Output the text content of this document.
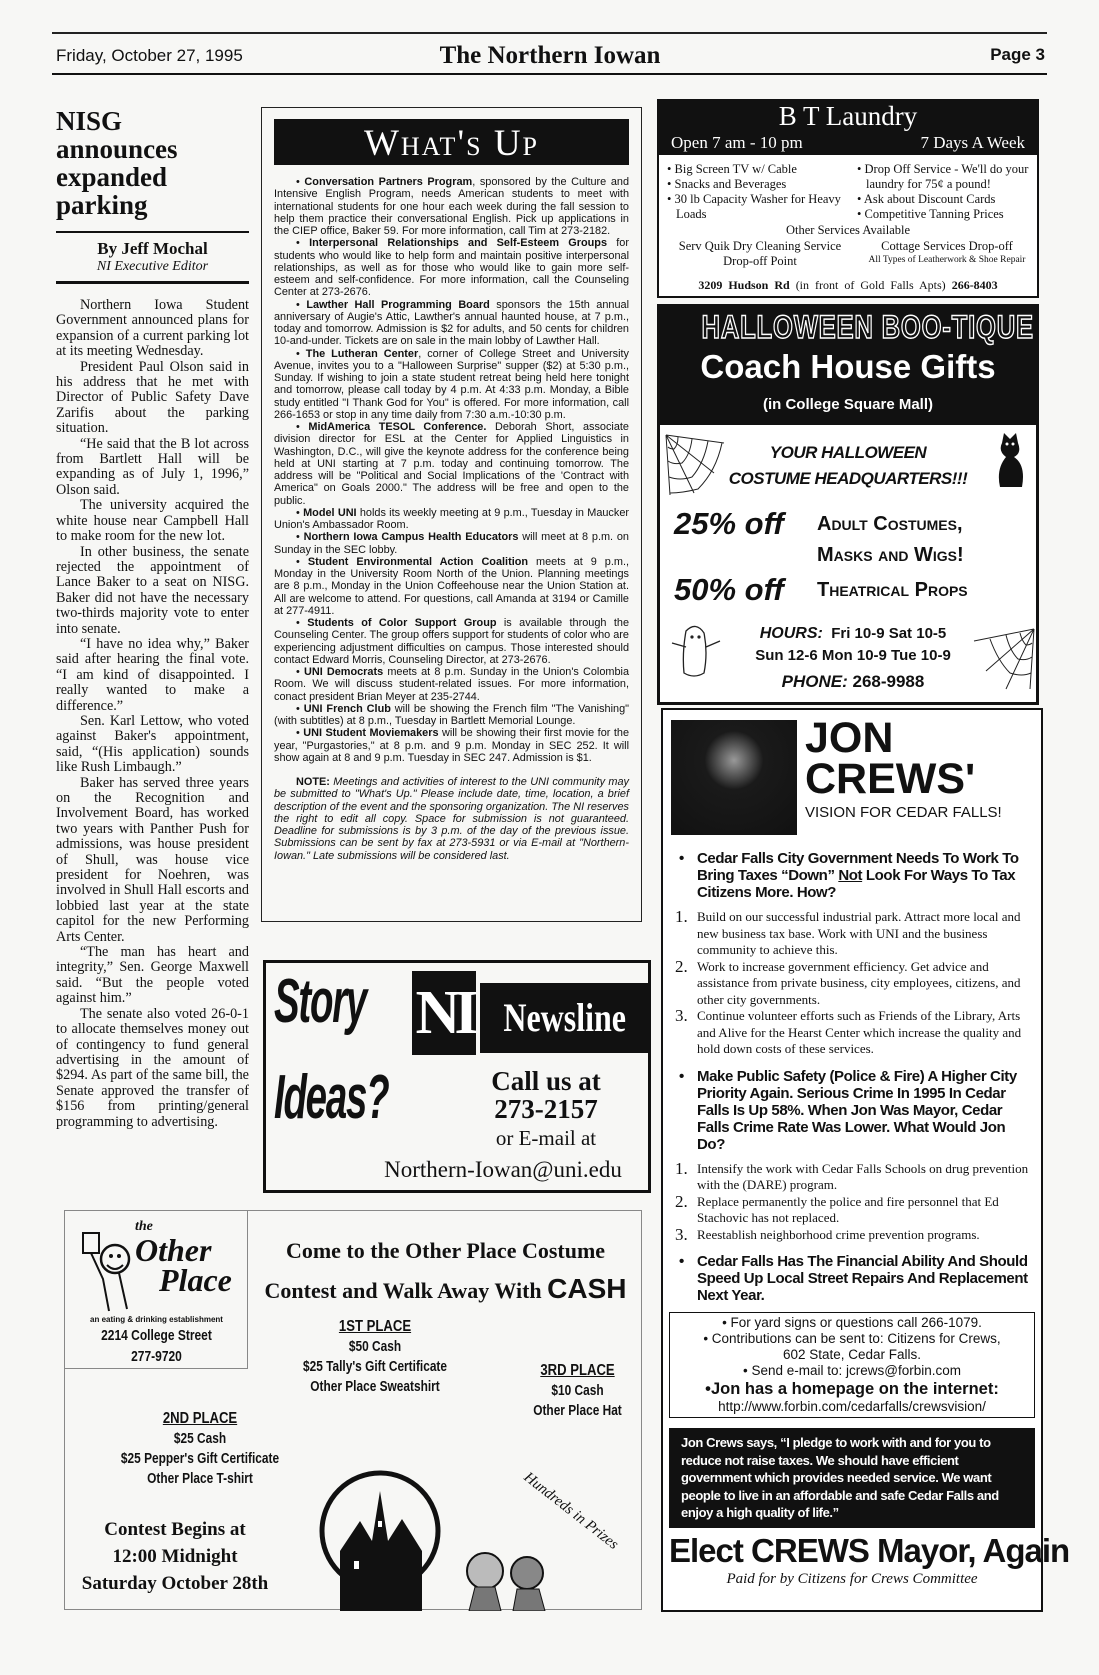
Friday, October 27, 1995	The Northern Iowan	Page 3
NISG announces expanded parking
By Jeff Mochal
NI Executive Editor

Northern Iowa Student Government announced plans for expansion of a current parking lot at its meeting Wednesday.

President Paul Olson said in his address that he met with Director of Public Safety Dave Zarifis about the parking situation.

“He said that the B lot across from Bartlett Hall will be expanding as of July 1, 1996,” Olson said.

The university acquired the white house near Campbell Hall to make room for the new lot.

In other business, the senate rejected the appointment of Lance Baker to a seat on NISG. Baker did not have the necessary two-thirds majority vote to enter into senate.

“I have no idea why,” Baker said after hearing the final vote. “I am kind of disappointed. I really wanted to make a difference.”

Sen. Karl Lettow, who voted against Baker's appointment, said, “(His application) sounds like Rush Limbaugh.”

Baker has served three years on the Recognition and Involvement Board, has worked two years with Panther Push for admissions, was house president of Shull, was house vice president for Noehren, was involved in Shull Hall escorts and lobbied last year at the state capitol for the new Performing Arts Center.

“The man has heart and integrity,” Sen. George Maxwell said. “But the people voted against him.”

The senate also voted 26-0-1 to allocate themselves money out of contingency to fund general advertising in the amount of $294. As part of the same bill, the Senate approved the transfer of $156 from printing/general programming to advertising.

What's Up

• Conversation Partners Program, sponsored by the Culture and Intensive English Program, needs American students to meet with international students for one hour each week during the fall session to help them practice their conversational English. Pick up applications in the CIEP office, Baker 59. For more information, call Tim at 273-2182.

• Interpersonal Relationships and Self-Esteem Groups for students who would like to help form and maintain positive interpersonal relationships, as well as for those who would like to gain more self-esteem and self-confidence. For more information, call the Counseling Center at 273-2676.

• Lawther Hall Programming Board sponsors the 15th annual anniversary of Augie's Attic, Lawther's annual haunted house, at 7 p.m., today and tomorrow. Admission is $2 for adults, and 50 cents for children 10-and-under. Tickets are on sale in the main lobby of Lawther Hall.

• The Lutheran Center, corner of College Street and University Avenue, invites you to a "Halloween Surprise" supper ($2) at 5:30 p.m., Sunday. If wishing to join a state student retreat being held here tonight and tomorrow, please call today by 4 p.m. At 4:33 p.m. Monday, a Bible study entitled "I Thank God for You" is offered. For more information, call 266-1653 or stop in any time daily from 7:30 a.m.-10:30 p.m.

• MidAmerica TESOL Conference. Deborah Short, associate division director for ESL at the Center for Applied Linguistics in Washington, D.C., will give the keynote address for the conference being held at UNI starting at 7 p.m. today and continuing tomorrow. The address will be "Political and Social Implications of the 'Contract with America" on Goals 2000." The address will be free and open to the public.

• Model UNI holds its weekly meeting at 9 p.m., Tuesday in Maucker Union's Ambassador Room.

• Northern Iowa Campus Health Educators will meet at 8 p.m. on Sunday in the SEC lobby.

• Student Environmental Action Coalition meets at 9 p.m., Monday in the University Room North of the Union. Planning meetings are 8 p.m., Monday in the Union Coffeehouse near the Union Station at. All are welcome to attend. For questions, call Amanda at 3194 or Camille at 277-4911.

• Students of Color Support Group is available through the Counseling Center. The group offers support for students of color who are experiencing adjustment difficulties on campus. Those interested should contact Edward Morris, Counseling Director, at 273-2676.

• UNI Democrats meets at 8 p.m. Sunday in the Union's Colombia Room. We will discuss student-related issues. For more information, conact president Brian Meyer at 235-2744.

• UNI French Club will be showing the French film "The Vanishing" (with subtitles) at 8 p.m., Tuesday in Bartlett Memorial Lounge.

• UNI Student Moviemakers will be showing their first movie for the year, "Purgastories," at 8 p.m. and 9 p.m. Monday in SEC 252. It will show again at 8 and 9 p.m. Tuesday in SEC 247. Admission is $1.

NOTE: Meetings and activities of interest to the UNI community may be submitted to "What's Up." Please include date, time, location, a brief description of the event and the sponsoring organization. The NI reserves the right to edit all copy. Space for submission is not guaranteed. Deadline for submissions is by 3 p.m. of the day of the previous issue. Submissions can be sent by fax at 273-5931 or via E-mail at "Northern-Iowan." Late submissions will be considered last.

Story
Ideas?
NI Newsline
Call us at
273-2157
or E-mail at
Northern-Iowan@uni.edu
the
Other
Place
an eating & drinking establishment
2214 College Street
277-9720
Come to the Other Place Costume
Contest and Walk Away With CASH
1ST PLACE
$50 Cash
$25 Tally's Gift Certificate
Other Place Sweatshirt
2ND PLACE
$25 Cash
$25 Pepper's Gift Certificate
Other Place T-shirt
3RD PLACE
$10 Cash
Other Place Hat
Contest Begins at
12:00 Midnight
Saturday October 28th
Hundreds in Prizes
B T Laundry
Open 7 am - 10 pm	7 Days A Week
• Big Screen TV w/ Cable
• Snacks and Beverages
• 30 lb Capacity Washer for Heavy Loads
• Drop Off Service - We'll do your laundry for 75¢ a pound!
• Ask about Discount Cards
• Competitive Tanning Prices
Other Services Available
Serv Quik Dry Cleaning Service
Drop-off Point
Cottage Services Drop-off
All Types of Leatherwork & Shoe Repair
3209 Hudson Rd (in front of Gold Falls Apts) 266-8403
HALLOWEEN BOO-TIQUE
Coach House Gifts
(in College Square Mall)
YOUR HALLOWEEN
COSTUME HEADQUARTERS!!!
25% off Adult Costumes,
Masks and Wigs!
50% off Theatrical Props
HOURS: Fri 10-9 Sat 10-5
Sun 12-6 Mon 10-9 Tue 10-9
PHONE: 268-9988
JON
CREWS'
VISION FOR CEDAR FALLS!
• Cedar Falls City Government Needs To Work To Bring Taxes “Down” Not Look For Ways To Tax Citizens More. How?
1. Build on our successful industrial park. Attract more local and new business tax base. Work with UNI and the business community to achieve this.
2. Work to increase government efficiency. Get advice and assistance from private business, city employees, citizens, and other city governments.
3. Continue volunteer efforts such as Friends of the Library, Arts and Alive for the Hearst Center which increase the quality and hold down costs of these services.
• Make Public Safety (Police & Fire) A Higher City Priority Again. Serious Crime In 1995 In Cedar Falls Is Up 58%. When Jon Was Mayor, Cedar Falls Crime Rate Was Lower. What Would Jon Do?
1. Intensify the work with Cedar Falls Schools on drug prevention with the (DARE) program.
2. Replace permanently the police and fire personnel that Ed Stachovic has not replaced.
3. Reestablish neighborhood crime prevention programs.
• Cedar Falls Has The Financial Ability And Should Speed Up Local Street Repairs And Replacement Next Year.
• For yard signs or questions call 266-1079.
• Contributions can be sent to: Citizens for Crews,
602 State, Cedar Falls.
• Send e-mail to: jcrews@forbin.com
•Jon has a homepage on the internet:
http://www.forbin.com/cedarfalls/crewsvision/
Jon Crews says, “I pledge to work with and for you to reduce not raise taxes. We should have efficient government which provides needed service. We want people to live in an affordable and safe Cedar Falls and enjoy a high quality of life.”
Elect CREWS Mayor, Again
Paid for by Citizens for Crews Committee
